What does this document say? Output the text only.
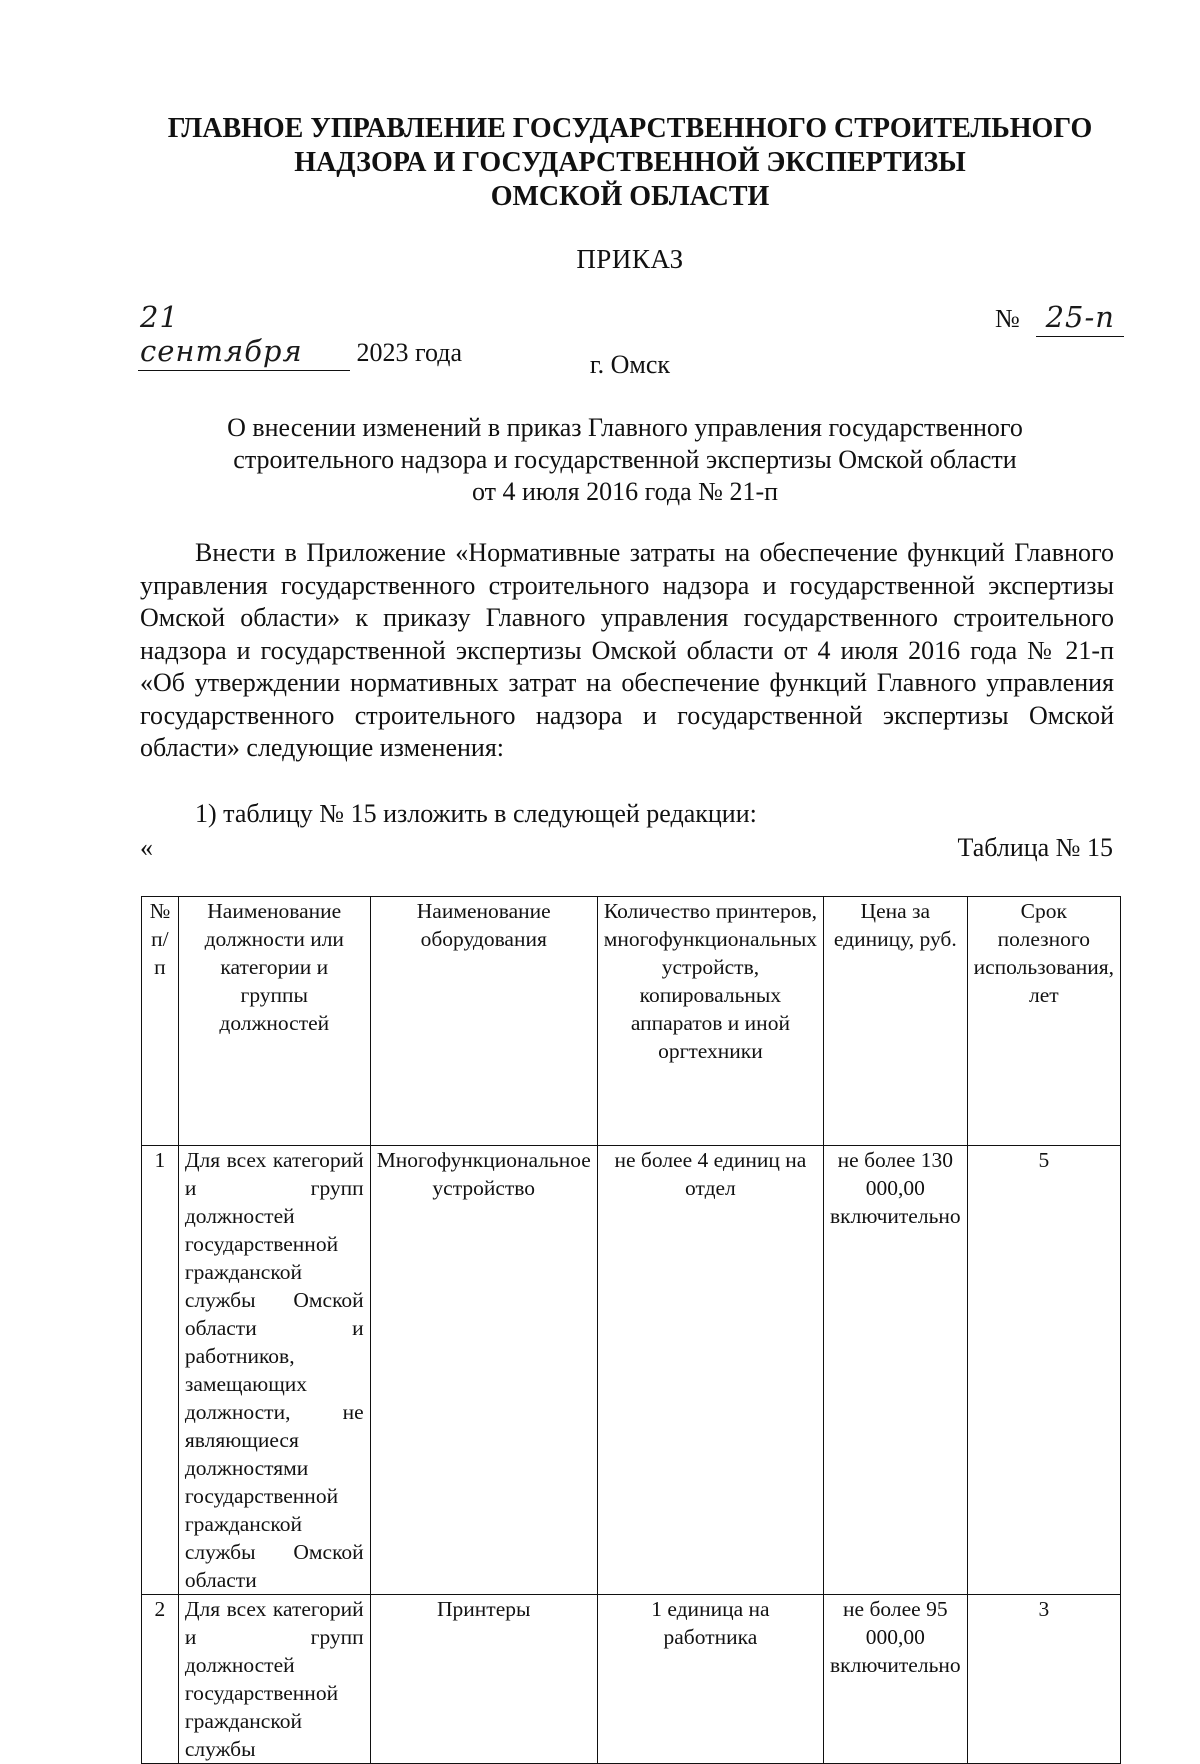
ГЛАВНОЕ УПРАВЛЕНИЕ ГОСУДАРСТВЕННОГО СТРОИТЕЛЬНОГО
НАДЗОРА И ГОСУДАРСТВЕННОЙ ЭКСПЕРТИЗЫ
ОМСКОЙ ОБЛАСТИ
ПРИКАЗ
21 сентября 2023 года
№ 25-п
г. Омск
О внесении изменений в приказ Главного управления государственного
строительного надзора и государственной экспертизы Омской области
от 4 июля 2016 года № 21-п

Внести в Приложение «Нормативные затраты на обеспечение функций Главного управления государственного строительного надзора и государственной экспертизы Омской области» к приказу Главного управления государственного строительного надзора и государственной экспертизы Омской области от 4 июля 2016 года № 21-п «Об утверждении нормативных затрат на обеспечение функций Главного управления государственного строительного надзора и государственной экспертизы Омской области» следующие изменения:

1) таблицу № 15 изложить в следующей редакции:
«	Таблица № 15
№ п/п	Наименование должности или категории и группы должностей	Наименование оборудования	Количество принтеров, многофункциональных устройств, копировальных аппаратов и иной оргтехники	Цена за единицу, руб.	Срок полезного использования, лет
1	Для всех категорий и групп должностей государственной гражданской службы Омской области и работников, замещающих должности, не являющиеся должностями государственной гражданской службы Омской области	Многофункциональное устройство	не более 4 единиц на отдел	не более 130 000,00 включительно	5
2	Для всех категорий и групп должностей государственной гражданской службы	Принтеры	1 единица на работника	не более 95 000,00 включительно	3
